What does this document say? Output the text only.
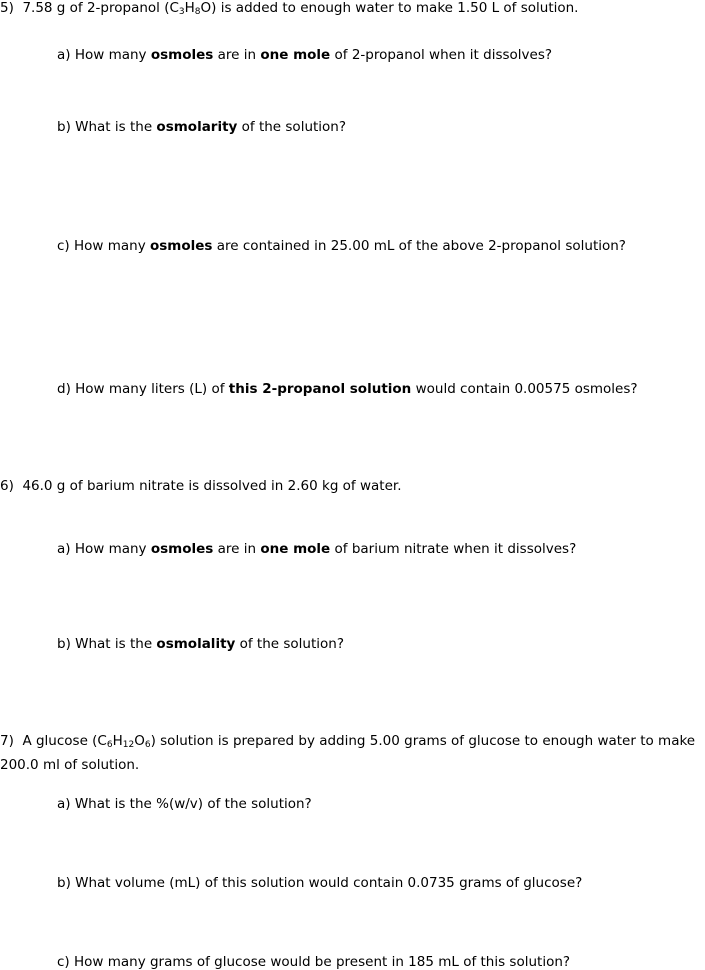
5) 7.58 g of 2-propanol $(C_3H_8O)$ is added to enough water to make 1.50 L of solution.
a) How many osmoles are in one mole of 2-propanol when it dissolves?
b) What is the osmolarity of the solution?
c) How many osmoles are contained in 25.00 mL of the above 2-propanol solution?
d) How many liters (L) of this 2-propanol solution would contain 0.00575 osmoles?
6) 46.0 g of barium nitrate is dissolved in 2.60 kg of water.
a) How many osmoles are in one mole of barium nitrate when it dissolves?
b) What is the osmolality of the solution?
7) A glucose $(C_6H_{12}O_6)$ solution is prepared by adding 5.00 grams of glucose to enough water to make
200.0 ml of solution.
a) What is the %(w/v) of the solution?
b) What volume (mL) of this solution would contain 0.0735 grams of glucose?
c) How many grams of glucose would be present in 185 mL of this solution?
